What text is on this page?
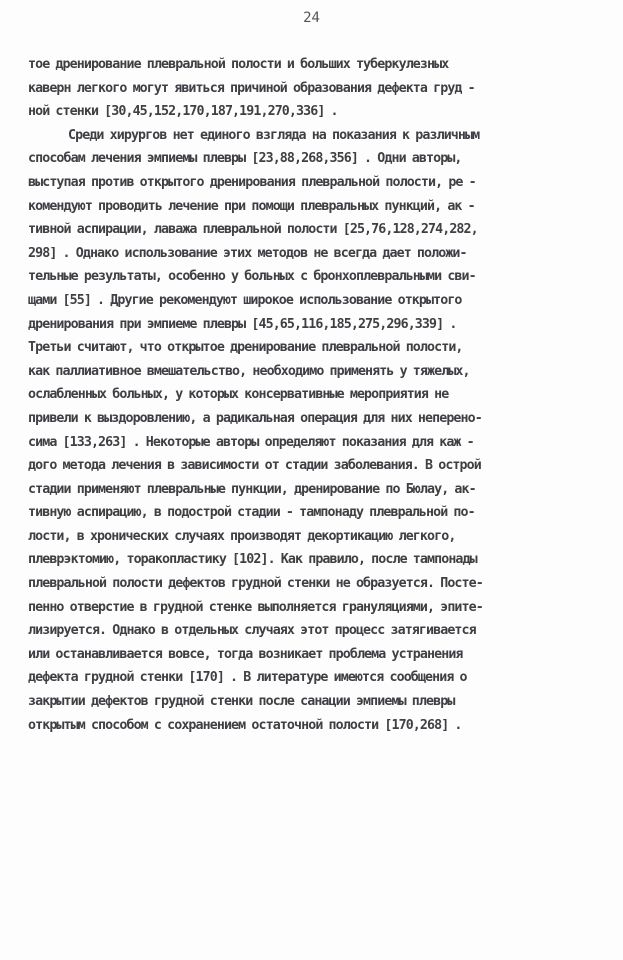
24
тое дренирование плевральной полости и больших туберкулезных
каверн легкого могут явиться причиной образования дефекта груд -
ной стенки [30,45,152,170,187,191,270,336] .
Среди хирургов нет единого взгляда на показания к различным
способам лечения эмпиемы плевры [23,88,268,356] . Одни авторы,
выступая против открытого дренирования плевральной полости, ре -
комендуют проводить лечение при помощи плевральных пункций, ак -
тивной аспирации, лаважа плевральной полости [25,76,128,274,282,
298] . Однако использование этих методов не всегда дает положи-
тельные результаты, особенно у больных с бронхоплевральными сви-
щами [55] . Другие рекомендуют широкое использование открытого
дренирования при эмпиеме плевры [45,65,116,185,275,296,339] .
Третьи считают, что открытое дренирование плевральной полости,
как паллиативное вмешательство, необходимо применять у тяжелых,
ослабленных больных, у которых консервативные мероприятия не
привели к выздоровлению, а радикальная операция для них неперено-
сима [133,263] . Некоторые авторы определяют показания для каж -
дого метода лечения в зависимости от стадии заболевания. В острой
стадии применяют плевральные пункции, дренирование по Бюлау, ак-
тивную аспирацию, в подострой стадии - тампонаду плевральной по-
лости, в хронических случаях производят декортикацию легкого,
плеврэктомию, торакопластику [102]. Как правило, после тампонады
плевральной полости дефектов грудной стенки не образуется. Посте-
пенно отверстие в грудной стенке выполняется грануляциями, эпите-
лизируется. Однако в отдельных случаях этот процесс затягивается
или останавливается вовсе, тогда возникает проблема устранения
дефекта грудной стенки [170] . В литературе имеются сообщения о
закрытии дефектов грудной стенки после санации эмпиемы плевры
открытым способом с сохранением остаточной полости [170,268] .
